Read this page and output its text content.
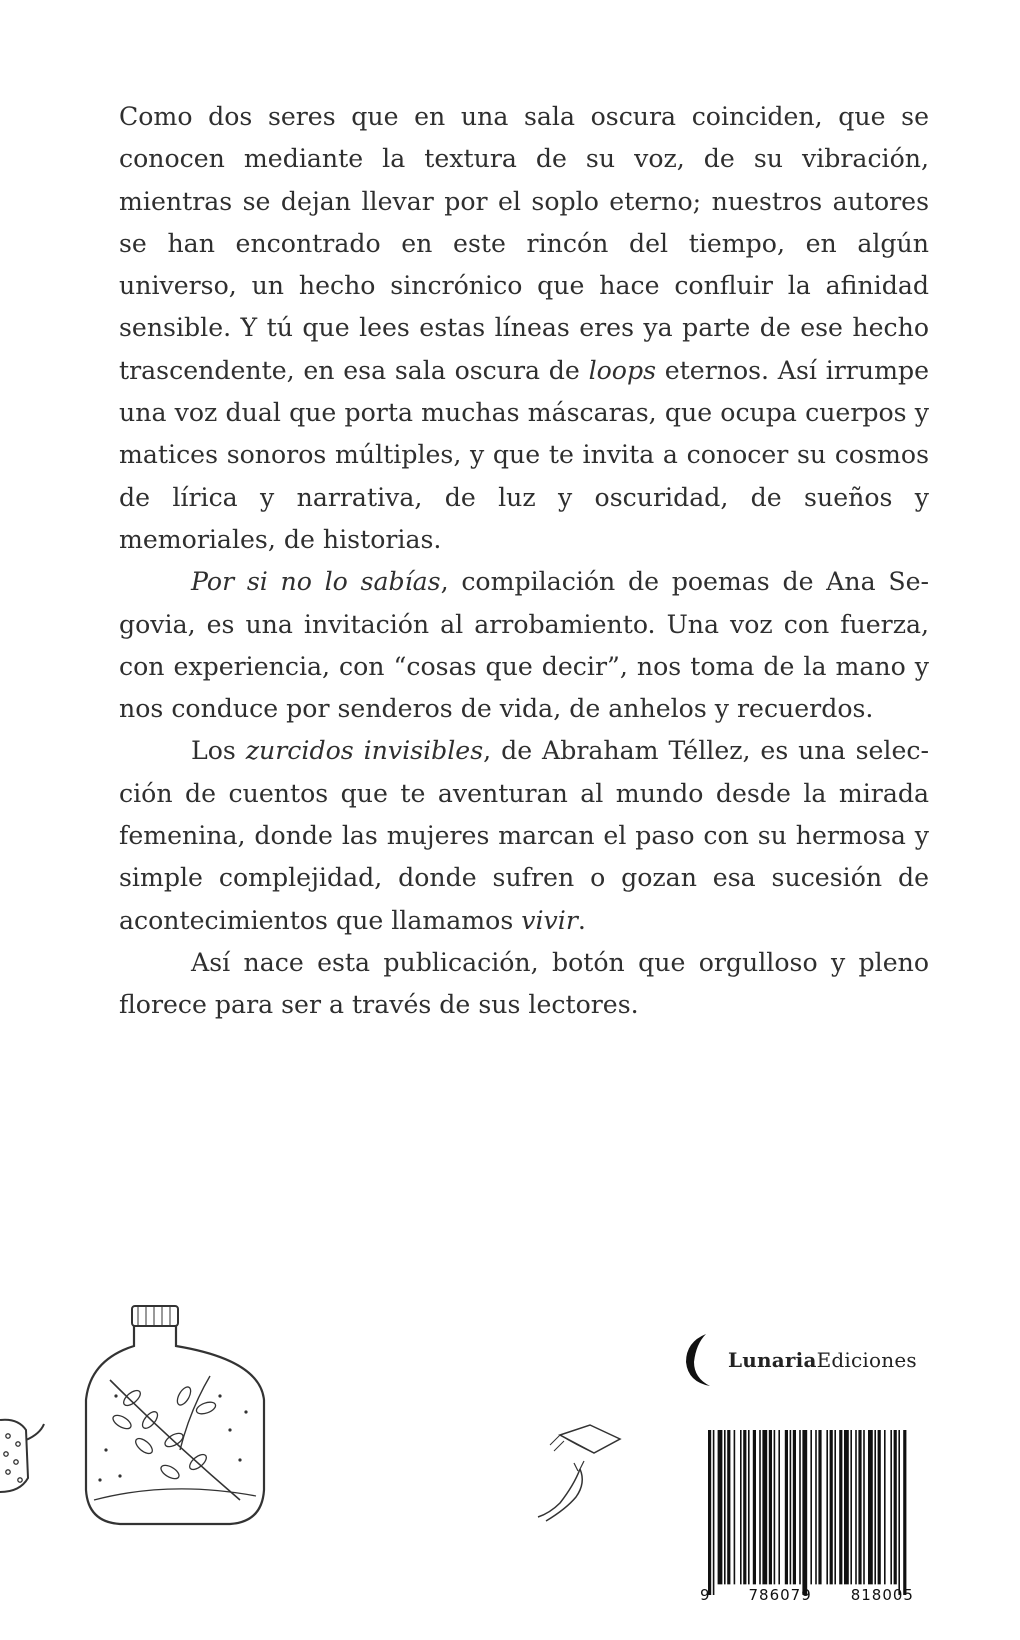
Como dos seres que en una sala oscura coinciden, que se conocen mediante la textura de su voz, de su vibración, mientras se dejan llevar por el soplo eterno; nuestros autores se han encontrado en este rincón del tiempo, en algún universo, un hecho sincrónico que hace confluir la afinidad sensible. Y tú que lees estas líneas eres ya parte de ese hecho trascendente, en esa sala oscura de loops eternos. Así irrumpe una voz dual que porta muchas máscaras, que ocupa cuerpos y matices sonoros múltiples, y que te invita a conocer su cosmos de lírica y narrativa, de luz y oscuridad, de sueños y memoriales, de historias.

Por si no lo sabías, compilación de poemas de Ana Segovia, es una invitación al arrobamiento. Una voz con fuerza, con experiencia, con “cosas que decir”, nos toma de la mano y nos conduce por senderos de vida, de anhelos y recuerdos.

Los zurcidos invisibles, de Abraham Téllez, es una selección de cuentos que te aventuran al mundo desde la mirada femenina, donde las mujeres marcan el paso con su hermosa y simple complejidad, donde sufren o gozan esa sucesión de acontecimientos que llamamos vivir.

Así nace esta publicación, botón que orgulloso y pleno florece para ser a través de sus lectores.

LunariaEdiciones
9	786079	818005
